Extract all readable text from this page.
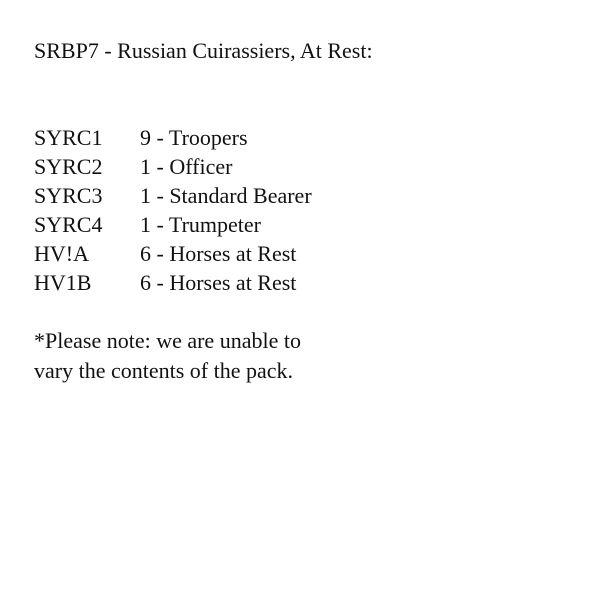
SRBP7 - Russian Cuirassiers, At Rest:
SYRC1 9 - Troopers
SYRC2 1 - Officer
SYRC3 1 - Standard Bearer
SYRC4 1 - Trumpeter
HV!A 6 - Horses at Rest
HV1B 6 - Horses at Rest
*Please note: we are unable to
vary the contents of the pack.
